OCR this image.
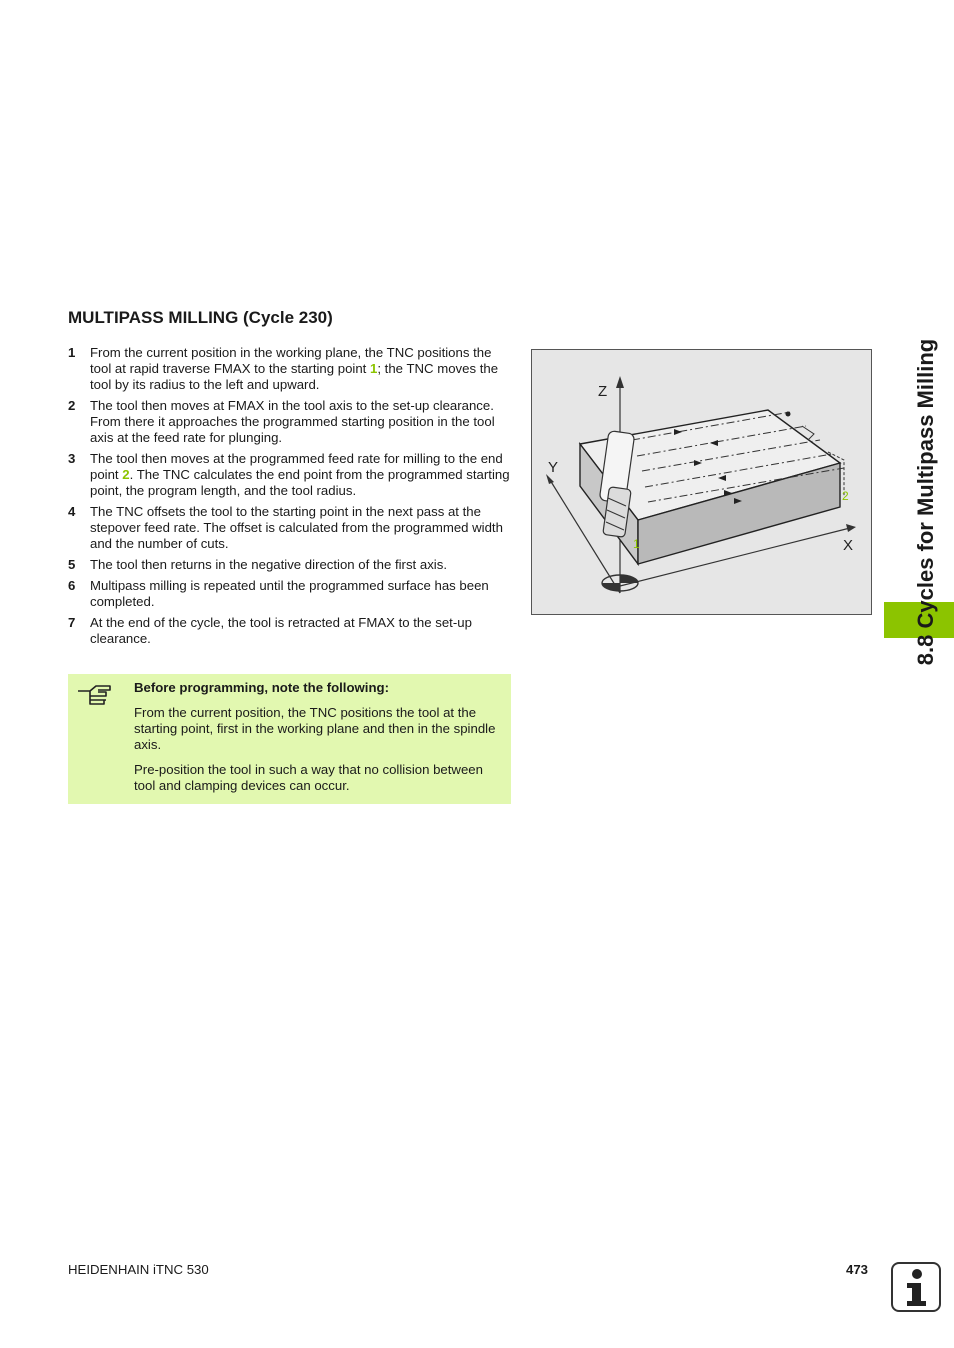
MULTIPASS MILLING (Cycle 230)
1 From the current position in the working plane, the TNC positions the tool at rapid traverse FMAX to the starting point 1; the TNC moves the tool by its radius to the left and upward.
2 The tool then moves at FMAX in the tool axis to the set-up clearance. From there it approaches the programmed starting position in the tool axis at the feed rate for plunging.
3 The tool then moves at the programmed feed rate for milling to the end point 2. The TNC calculates the end point from the programmed starting point, the program length, and the tool radius.
4 The TNC offsets the tool to the starting point in the next pass at the stepover feed rate. The offset is calculated from the programmed width and the number of cuts.
5 The tool then returns in the negative direction of the first axis.
6 Multipass milling is repeated until the programmed surface has been completed.
7 At the end of the cycle, the tool is retracted at FMAX to the set-up clearance.

Before programming, note the following:

From the current position, the TNC positions the tool at the starting point, first in the working plane and then in the spindle axis.

Pre-position the tool in such a way that no collision between tool and clamping devices can occur.

Z
Y
X
1
2	8.8 Cycles for Multipass Milling
HEIDENHAIN iTNC 530	473
